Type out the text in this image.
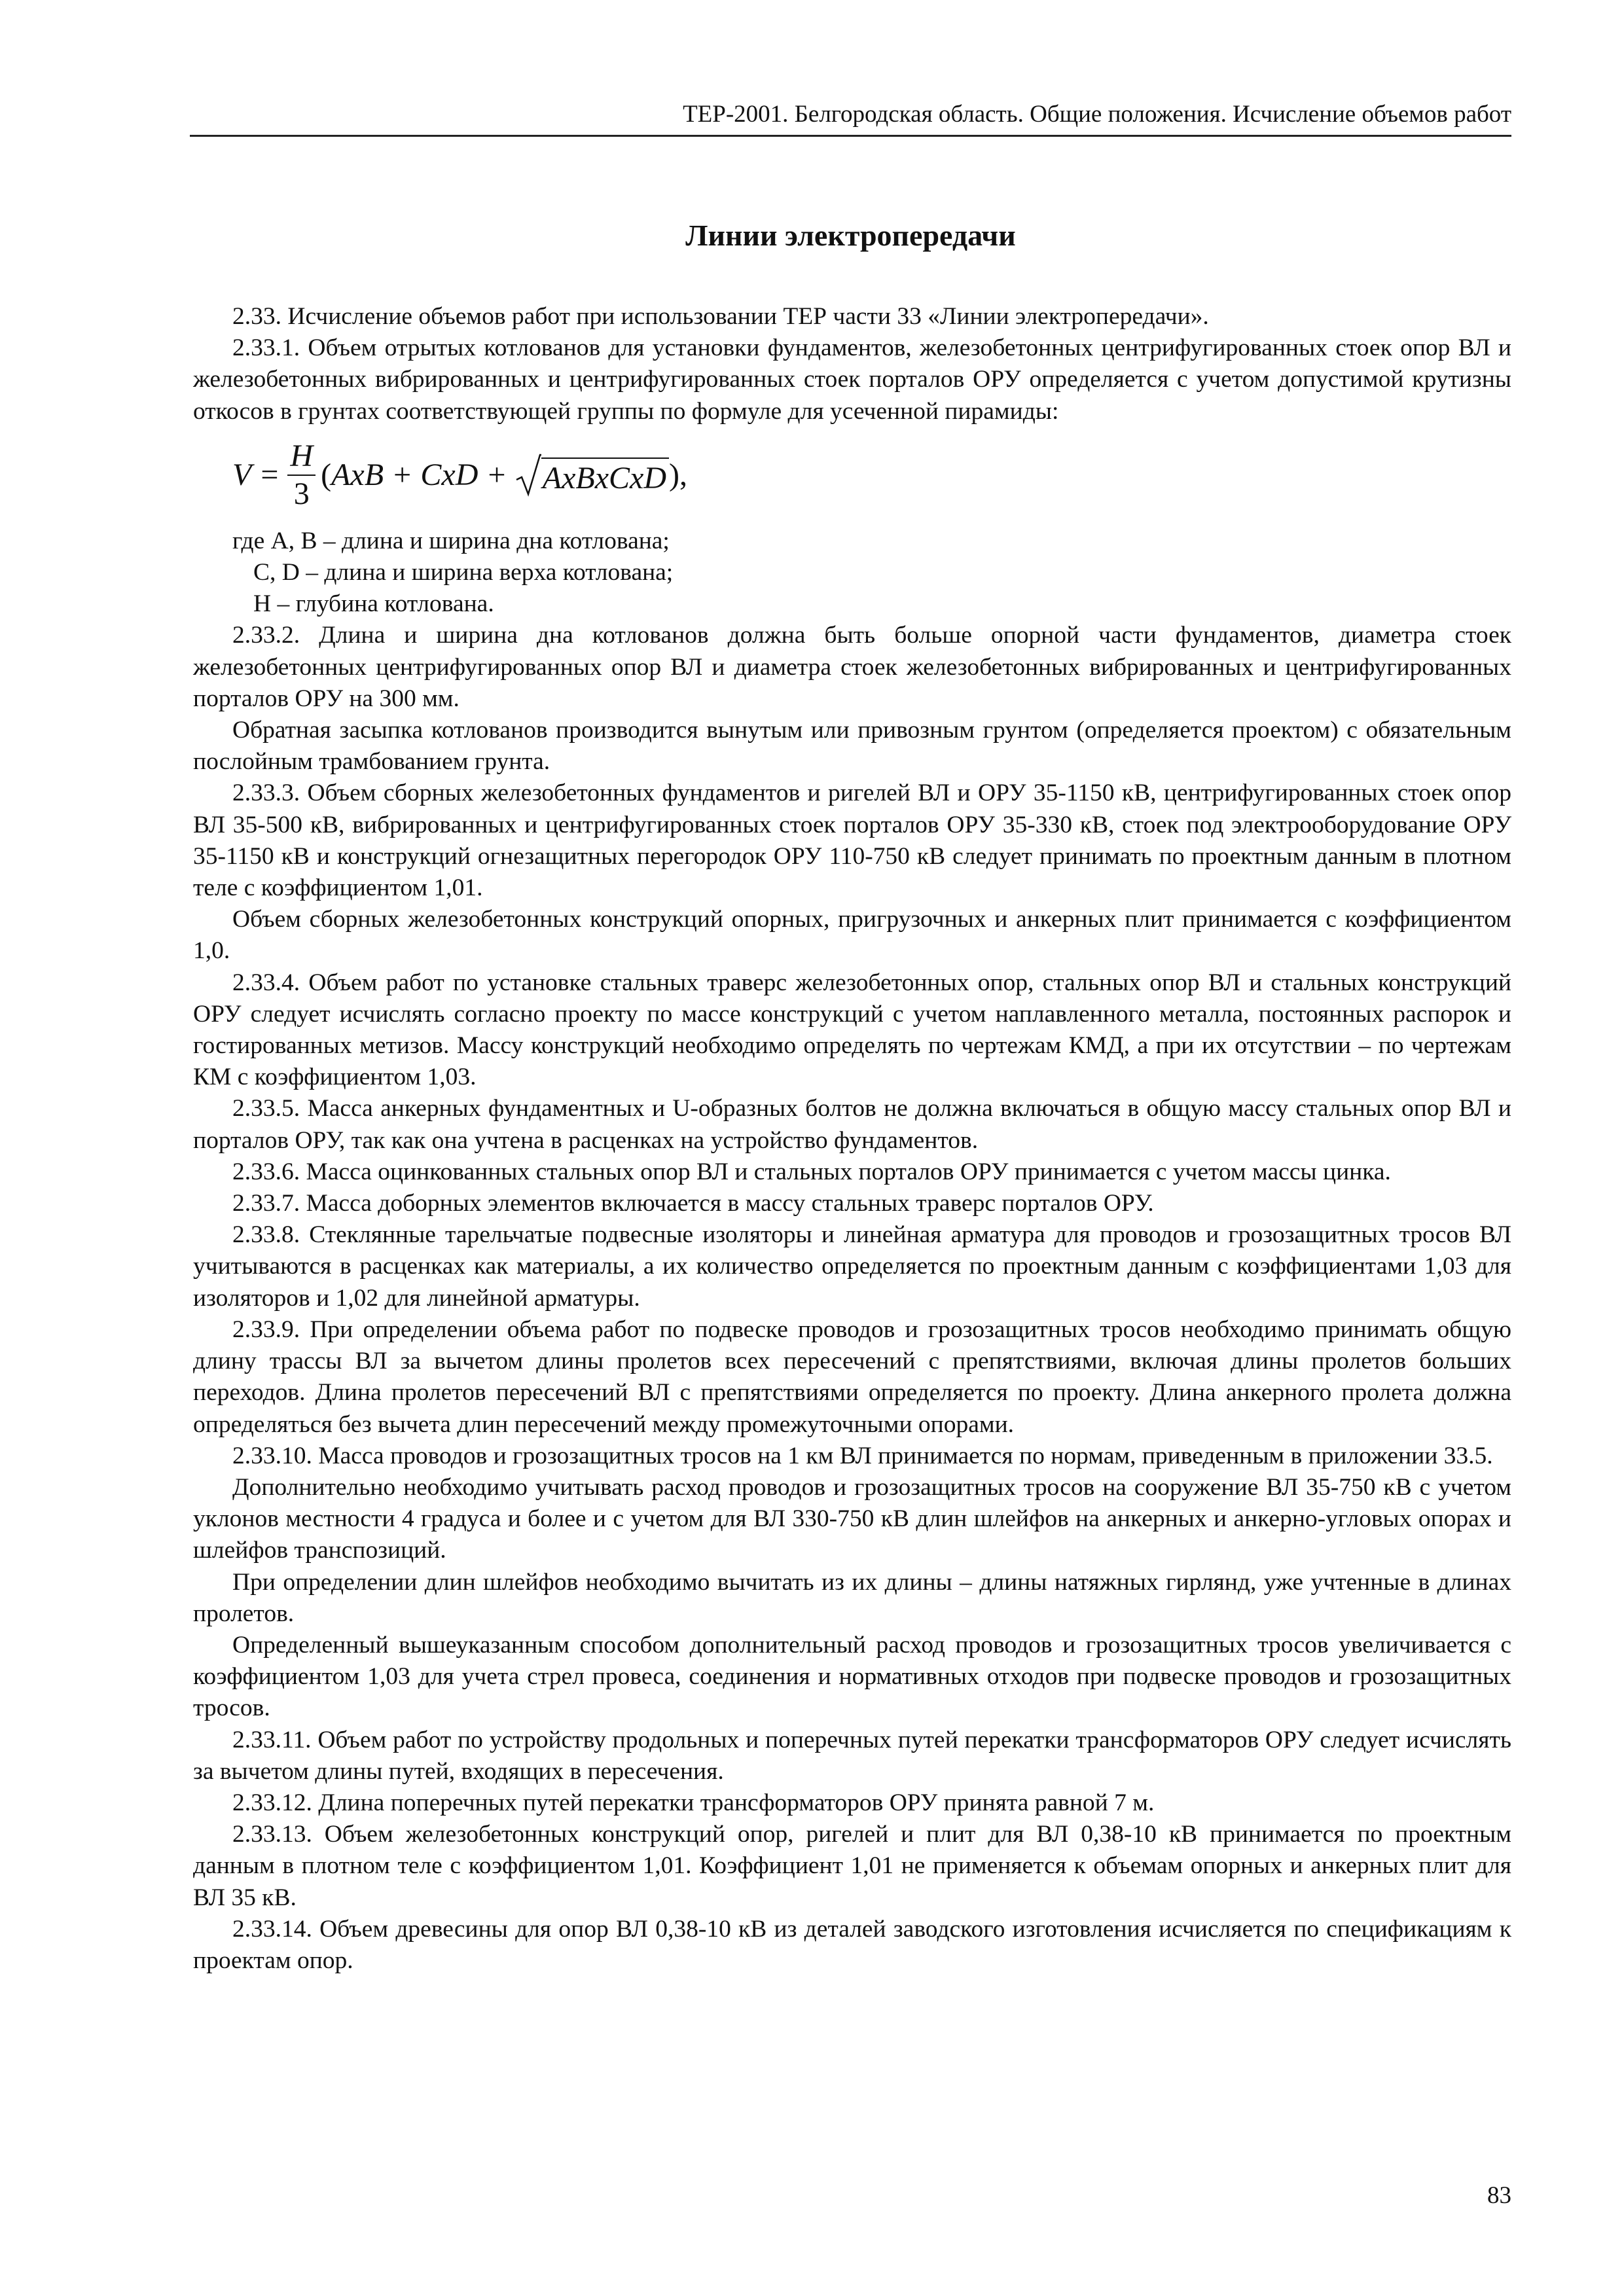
ТЕР-2001. Белгородская область. Общие положения. Исчисление объемов работ
Линии электропередачи

2.33. Исчисление объемов работ при использовании ТЕР части 33 «Линии электропередачи».

2.33.1. Объем отрытых котлованов для установки фундаментов, железобетонных центрифугированных стоек опор ВЛ и железобетонных вибрированных и центрифугированных стоек порталов ОРУ определяется с учетом допустимой крутизны откосов в грунтах соответствующей группы по формуле для усеченной пирамиды:

$V = \frac{H}{3}$ ( AxB + CxD + AxBxCxD ),

где А, В – длина и ширина дна котлована;

С, D – длина и ширина верха котлована;

Н – глубина котлована.

2.33.2. Длина и ширина дна котлованов должна быть больше опорной части фундаментов, диаметра стоек железобетонных центрифугированных опор ВЛ и диаметра стоек железобетонных вибрированных и центрифугированных порталов ОРУ на 300 мм.

Обратная засыпка котлованов производится вынутым или привозным грунтом (определяется проектом) с обязательным послойным трамбованием грунта.

2.33.3. Объем сборных железобетонных фундаментов и ригелей ВЛ и ОРУ 35-1150 кВ, центрифугированных стоек опор ВЛ 35-500 кВ, вибрированных и центрифугированных стоек порталов ОРУ 35-330 кВ, стоек под электрооборудование ОРУ 35-1150 кВ и конструкций огнезащитных перегородок ОРУ 110-750 кВ следует принимать по проектным данным в плотном теле с коэффициентом 1,01.

Объем сборных железобетонных конструкций опорных, пригрузочных и анкерных плит принимается с коэффициентом 1,0.

2.33.4. Объем работ по установке стальных траверс железобетонных опор, стальных опор ВЛ и стальных конструкций ОРУ следует исчислять согласно проекту по массе конструкций с учетом наплавленного металла, постоянных распорок и гостированных метизов. Массу конструкций необходимо определять по чертежам КМД, а при их отсутствии – по чертежам КМ с коэффициентом 1,03.

2.33.5. Масса анкерных фундаментных и U-образных болтов не должна включаться в общую массу стальных опор ВЛ и порталов ОРУ, так как она учтена в расценках на устройство фундаментов.

2.33.6. Масса оцинкованных стальных опор ВЛ и стальных порталов ОРУ принимается с учетом массы цинка.

2.33.7. Масса доборных элементов включается в массу стальных траверс порталов ОРУ.

2.33.8. Стеклянные тарельчатые подвесные изоляторы и линейная арматура для проводов и грозозащитных тросов ВЛ учитываются в расценках как материалы, а их количество определяется по проектным данным с коэффициентами 1,03 для изоляторов и 1,02 для линейной арматуры.

2.33.9. При определении объема работ по подвеске проводов и грозозащитных тросов необходимо принимать общую длину трассы ВЛ за вычетом длины пролетов всех пересечений с препятствиями, включая длины пролетов больших переходов. Длина пролетов пересечений ВЛ с препятствиями определяется по проекту. Длина анкерного пролета должна определяться без вычета длин пересечений между промежуточными опорами.

2.33.10. Масса проводов и грозозащитных тросов на 1 км ВЛ принимается по нормам, приведенным в приложении 33.5.

Дополнительно необходимо учитывать расход проводов и грозозащитных тросов на сооружение ВЛ 35-750 кВ с учетом уклонов местности 4 градуса и более и с учетом для ВЛ 330-750 кВ длин шлейфов на анкерных и анкерно-угловых опорах и шлейфов транспозиций.

При определении длин шлейфов необходимо вычитать из их длины – длины натяжных гирлянд, уже учтенные в длинах пролетов.

Определенный вышеуказанным способом дополнительный расход проводов и грозозащитных тросов увеличивается с коэффициентом 1,03 для учета стрел провеса, соединения и нормативных отходов при подвеске проводов и грозозащитных тросов.

2.33.11. Объем работ по устройству продольных и поперечных путей перекатки трансформаторов ОРУ следует исчислять за вычетом длины путей, входящих в пересечения.

2.33.12. Длина поперечных путей перекатки трансформаторов ОРУ принята равной 7 м.

2.33.13. Объем железобетонных конструкций опор, ригелей и плит для ВЛ 0,38-10 кВ принимается по проектным данным в плотном теле с коэффициентом 1,01. Коэффициент 1,01 не применяется к объемам опорных и анкерных плит для ВЛ 35 кВ.

2.33.14. Объем древесины для опор ВЛ 0,38-10 кВ из деталей заводского изготовления исчисляется по спецификациям к проектам опор.

83
